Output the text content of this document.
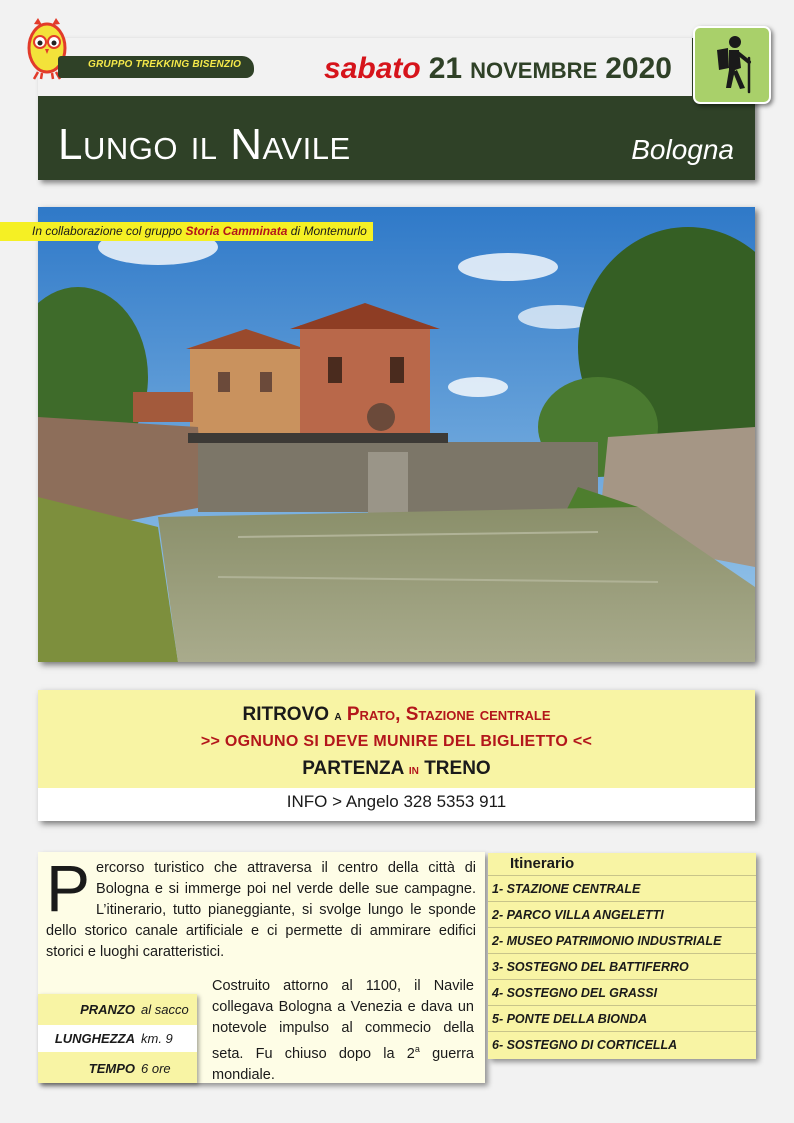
GRUPPO TREKKING BISENZIO	sabato 21 NOVEMBRE 2020
Lungo il Navile	Bologna
In collaborazione col gruppo Storia Camminata di Montemurlo
RITROVO a Prato, Stazione centrale
>> OGNUNO SI DEVE MUNIRE DEL BIGLIETTO <<
PARTENZA in TRENO
INFO > Angelo 328 5353 911
Percorso turistico che attraversa il centro della città di Bologna e si immerge poi nel verde delle sue campagne. L’itinerario, tutto pianeggiante, si svolge lungo le sponde dello storico canale artificiale e ci permette di ammirare edifici storici e luoghi caratteristici.
Costruito attorno al 1100, il Navile collegava Bologna a Venezia e dava un notevole impulso al commecio della seta. Fu chiuso dopo la 2$^a$ guerra mondiale.
PRANZO al sacco
LUNGHEZZA km. 9
TEMPO 6 ore
Itinerario
1- STAZIONE CENTRALE
2- PARCO VILLA ANGELETTI
2- MUSEO PATRIMONIO INDUSTRIALE
3- SOSTEGNO DEL BATTIFERRO
4- SOSTEGNO DEL GRASSI
5- PONTE DELLA BIONDA
6- SOSTEGNO DI CORTICELLA
